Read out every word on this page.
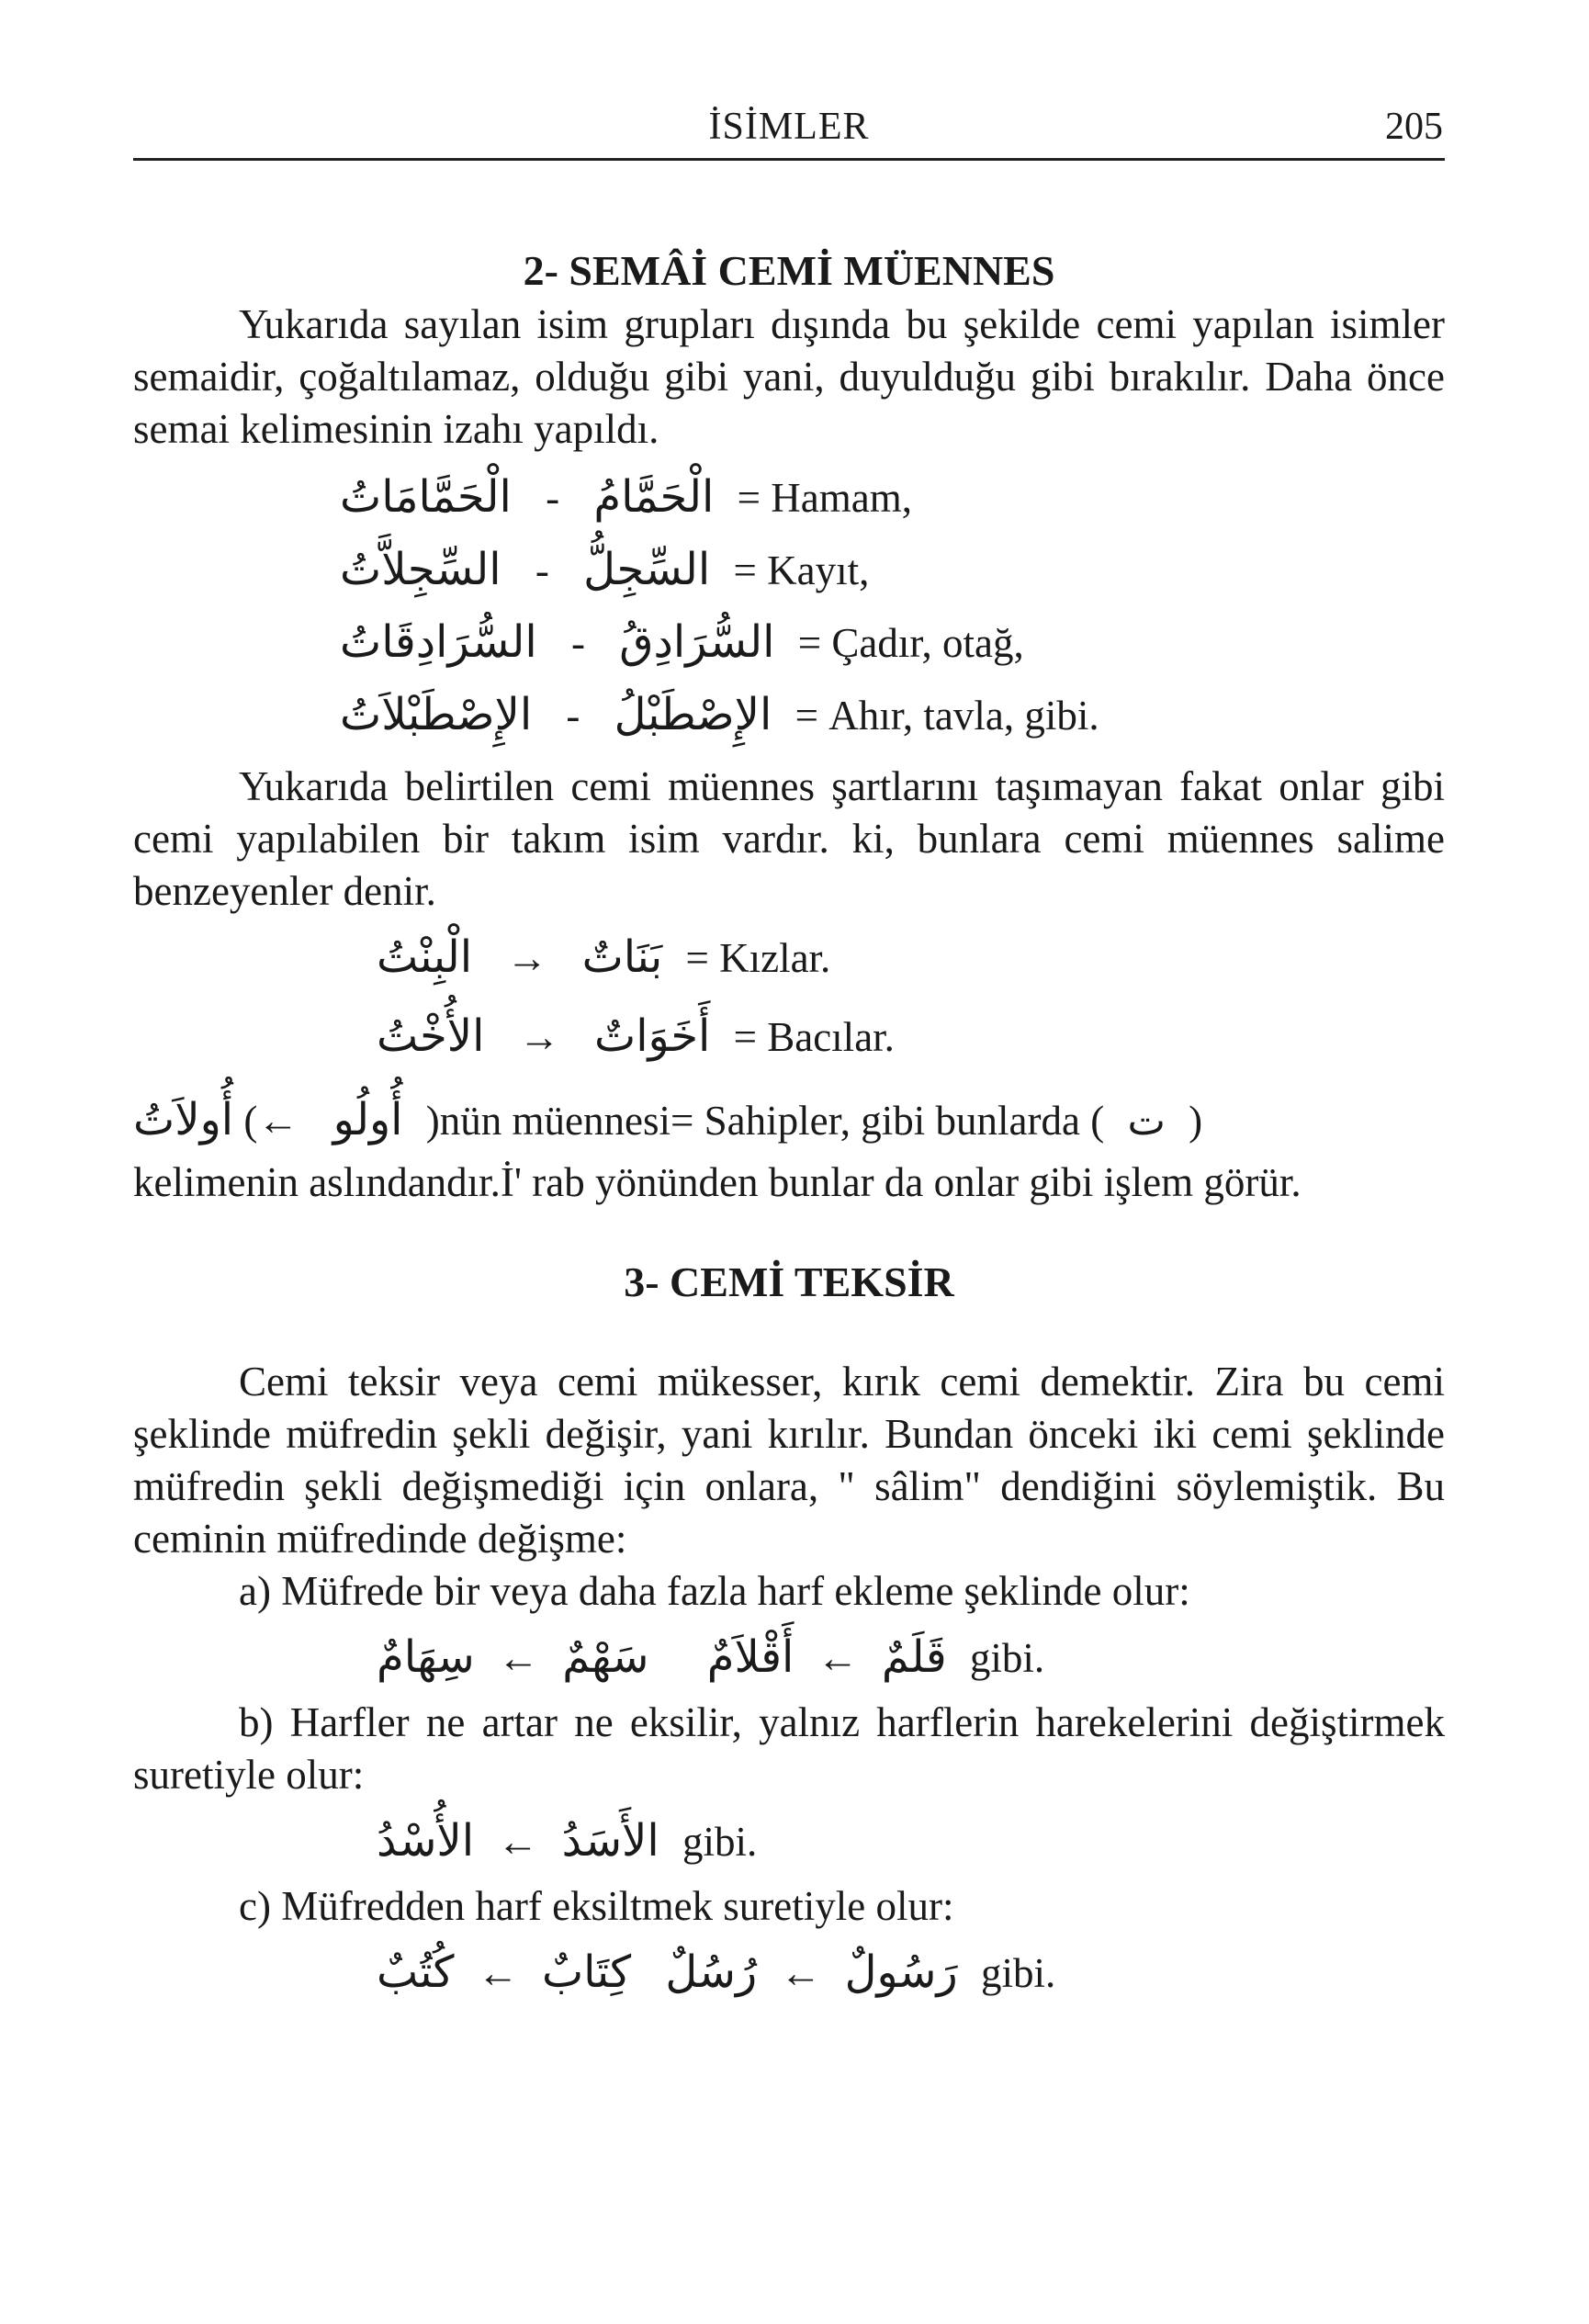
İSİMLER	205

2- SEMÂİ CEMİ MÜENNES

Yukarıda sayılan isim grupları dışında bu şekilde cemi yapılan isimler semaidir, çoğaltılamaz, olduğu gibi yani, duyulduğu gibi bırakılır. Daha önce semai kelimesinin izahı yapıldı.

الْحَمَّامَاتُ - الْحَمَّامُ = Hamam,
السِّجِلاَّتُ - السِّجِلُّ = Kayıt,
السُّرَادِقَاتُ - السُّرَادِقُ = Çadır, otağ,
الإِصْطَبْلاَتُ - الإِصْطَبْلُ = Ahır, tavla, gibi.

Yukarıda belirtilen cemi müennes şartlarını taşımayan fakat onlar gibi cemi yapılabilen bir takım isim vardır. ki, bunlara cemi müennes salime benzeyenler denir.

الْبِنْتُ → بَنَاتٌ = Kızlar.
الأُخْتُ → أَخَوَاتٌ = Bacılar.
أُولاَتُ (← أُولُو )nün müennesi= Sahipler, gibi bunlarda ( ت )

kelimenin aslındandır.İ' rab yönünden bunlar da onlar gibi işlem görür.

3- CEMİ TEKSİR

Cemi teksir veya cemi mükesser, kırık cemi demektir. Zira bu cemi şeklinde müfredin şekli değişir, yani kırılır. Bundan önceki iki cemi şeklinde müfredin şekli değişmediği için onlara, " sâlim" dendiğini söylemiştik. Bu ceminin müfredinde değişme:

a) Müfrede bir veya daha fazla harf ekleme şeklinde olur:

سِهَامٌ ← سَهْمٌ أَقْلاَمٌ ← قَلَمٌ gibi.

b) Harfler ne artar ne eksilir, yalnız harflerin harekelerini değiştirmek suretiyle olur:

الأُسْدُ ← الأَسَدُ gibi.

c) Müfredden harf eksiltmek suretiyle olur:

كُتُبٌ ← كِتَابٌ رُسُلٌ ← رَسُولٌ gibi.
